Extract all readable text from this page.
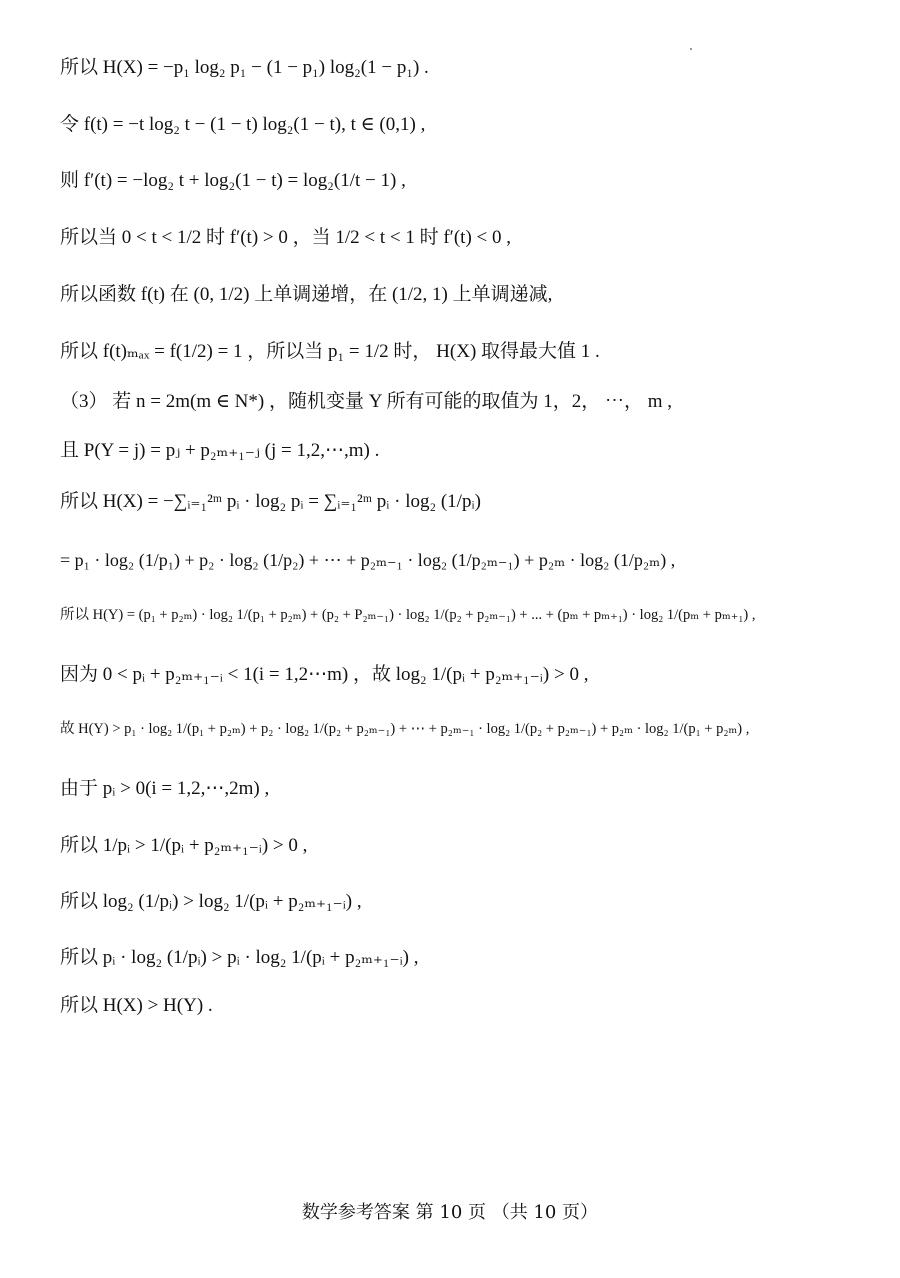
所以 H(X) = −p₁ log₂ p₁ − (1 − p₁) log₂(1 − p₁) .
令 f(t) = −t log₂ t − (1 − t) log₂(1 − t), t ∈ (0,1) ,
则 f′(t) = −log₂ t + log₂(1 − t) = log₂(1/t − 1) ,
所以当 0 < t < 1/2 时 f′(t) > 0 ，当 1/2 < t < 1 时 f′(t) < 0 ,
所以函数 f(t) 在 (0, 1/2) 上单调递增，在 (1/2, 1) 上单调递减,
所以 f(t)ₘₐₓ = f(1/2) = 1 ，所以当 p₁ = 1/2 时， H(X) 取得最大值 1 .
（3） 若 n = 2m(m ∈ N*) ，随机变量 Y 所有可能的取值为 1，2， ⋯， m ,
且 P(Y = j) = pⱼ + p₂ₘ₊₁₋ⱼ (j = 1,2,⋯,m) .
所以 H(X) = −∑ᵢ₌₁²ᵐ pᵢ · log₂ pᵢ = ∑ᵢ₌₁²ᵐ pᵢ · log₂ (1/pᵢ)
= p₁ · log₂ (1/p₁) + p₂ · log₂ (1/p₂) + ⋯ + p₂ₘ₋₁ · log₂ (1/p₂ₘ₋₁) + p₂ₘ · log₂ (1/p₂ₘ) ,
所以 H(Y) = (p₁ + p₂ₘ) · log₂ 1/(p₁ + p₂ₘ) + (p₂ + P₂ₘ₋₁) · log₂ 1/(p₂ + p₂ₘ₋₁) + ... + (pₘ + pₘ₊₁) · log₂ 1/(pₘ + pₘ₊₁) ,
因为 0 < pᵢ + p₂ₘ₊₁₋ᵢ < 1(i = 1,2⋯m) ，故 log₂ 1/(pᵢ + p₂ₘ₊₁₋ᵢ) > 0 ,
故 H(Y) > p₁ · log₂ 1/(p₁ + p₂ₘ) + p₂ · log₂ 1/(p₂ + p₂ₘ₋₁) + ⋯ + p₂ₘ₋₁ · log₂ 1/(p₂ + p₂ₘ₋₁) + p₂ₘ · log₂ 1/(p₁ + p₂ₘ) ,
由于 pᵢ > 0(i = 1,2,⋯,2m) ,
所以 1/pᵢ > 1/(pᵢ + p₂ₘ₊₁₋ᵢ) > 0 ,
所以 log₂ (1/pᵢ) > log₂ 1/(pᵢ + p₂ₘ₊₁₋ᵢ) ,
所以 pᵢ · log₂ (1/pᵢ) > pᵢ · log₂ 1/(pᵢ + p₂ₘ₊₁₋ᵢ) ,
所以 H(X) > H(Y) .
数学参考答案 第 10 页 （共 10 页）
